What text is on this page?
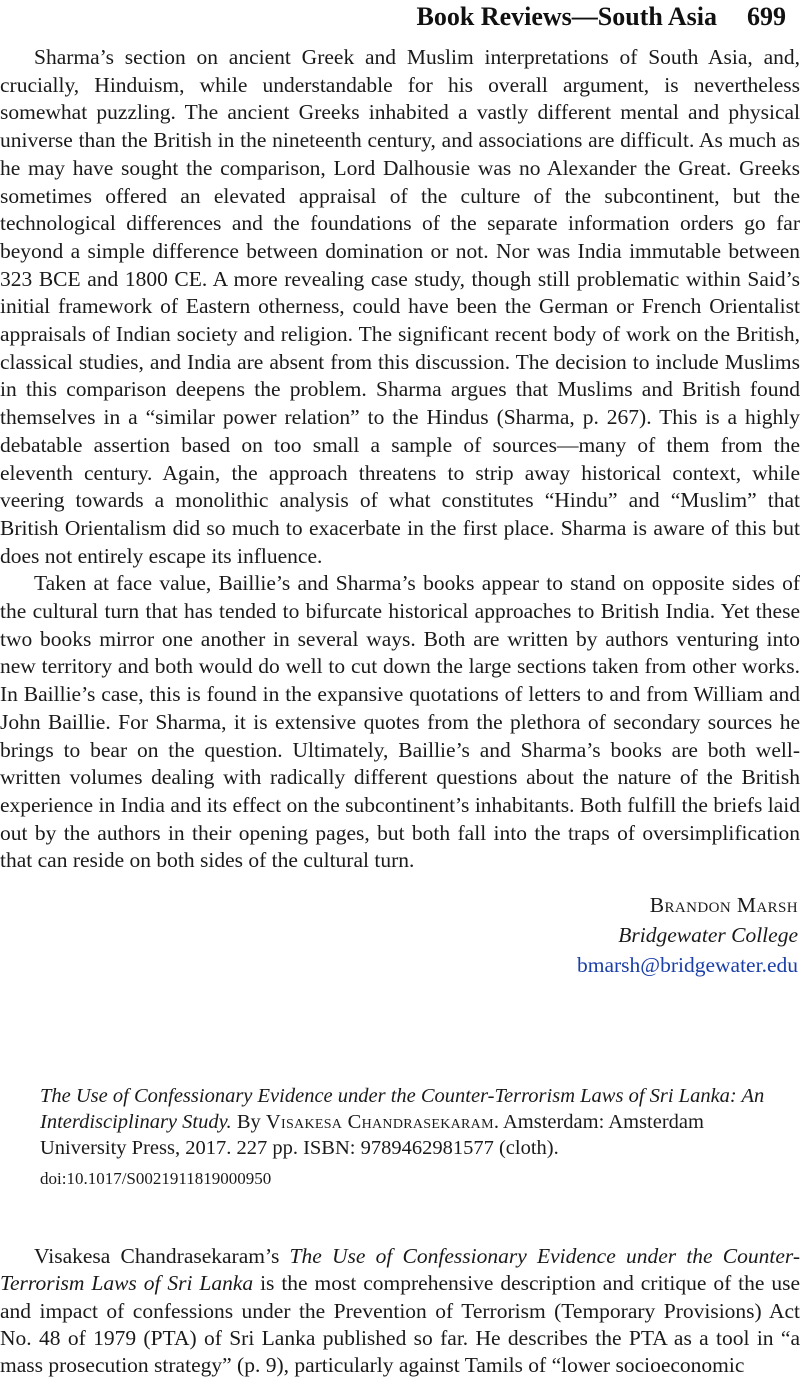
Book Reviews—South Asia 699

Sharma’s section on ancient Greek and Muslim interpretations of South Asia, and, crucially, Hinduism, while understandable for his overall argument, is nevertheless somewhat puzzling. The ancient Greeks inhabited a vastly different mental and physical universe than the British in the nineteenth century, and associations are difficult. As much as he may have sought the comparison, Lord Dalhousie was no Alexander the Great. Greeks sometimes offered an elevated appraisal of the culture of the subcontinent, but the technological differences and the foundations of the separate information orders go far beyond a simple difference between domination or not. Nor was India immutable between 323 BCE and 1800 CE. A more revealing case study, though still problematic within Said’s initial framework of Eastern otherness, could have been the German or French Orientalist appraisals of Indian society and religion. The significant recent body of work on the British, classical studies, and India are absent from this discussion. The decision to include Muslims in this comparison deepens the problem. Sharma argues that Muslims and British found themselves in a “similar power relation” to the Hindus (Sharma, p. 267). This is a highly debatable assertion based on too small a sample of sources—many of them from the eleventh century. Again, the approach threatens to strip away historical context, while veering towards a monolithic analysis of what constitutes “Hindu” and “Muslim” that British Orientalism did so much to exacerbate in the first place. Sharma is aware of this but does not entirely escape its influence.

Taken at face value, Baillie’s and Sharma’s books appear to stand on opposite sides of the cultural turn that has tended to bifurcate historical approaches to British India. Yet these two books mirror one another in several ways. Both are written by authors venturing into new territory and both would do well to cut down the large sections taken from other works. In Baillie’s case, this is found in the expansive quotations of letters to and from William and John Baillie. For Sharma, it is extensive quotes from the plethora of secondary sources he brings to bear on the question. Ultimately, Baillie’s and Sharma’s books are both well-written volumes dealing with radically different questions about the nature of the British experience in India and its effect on the subcontinent’s inhabitants. Both fulfill the briefs laid out by the authors in their opening pages, but both fall into the traps of oversimplification that can reside on both sides of the cultural turn.

Brandon Marsh
Bridgewater College
bmarsh@bridgewater.edu
The Use of Confessionary Evidence under the Counter-Terrorism Laws of Sri Lanka: An Interdisciplinary Study. By Visakesa Chandrasekaram. Amsterdam: Amsterdam University Press, 2017. 227 pp. ISBN: 9789462981577 (cloth).
doi:10.1017/S0021911819000950

Visakesa Chandrasekaram’s The Use of Confessionary Evidence under the Counter-Terrorism Laws of Sri Lanka is the most comprehensive description and critique of the use and impact of confessions under the Prevention of Terrorism (Temporary Provisions) Act No. 48 of 1979 (PTA) of Sri Lanka published so far. He describes the PTA as a tool in “a mass prosecution strategy” (p. 9), particularly against Tamils of “lower socioeconomic
